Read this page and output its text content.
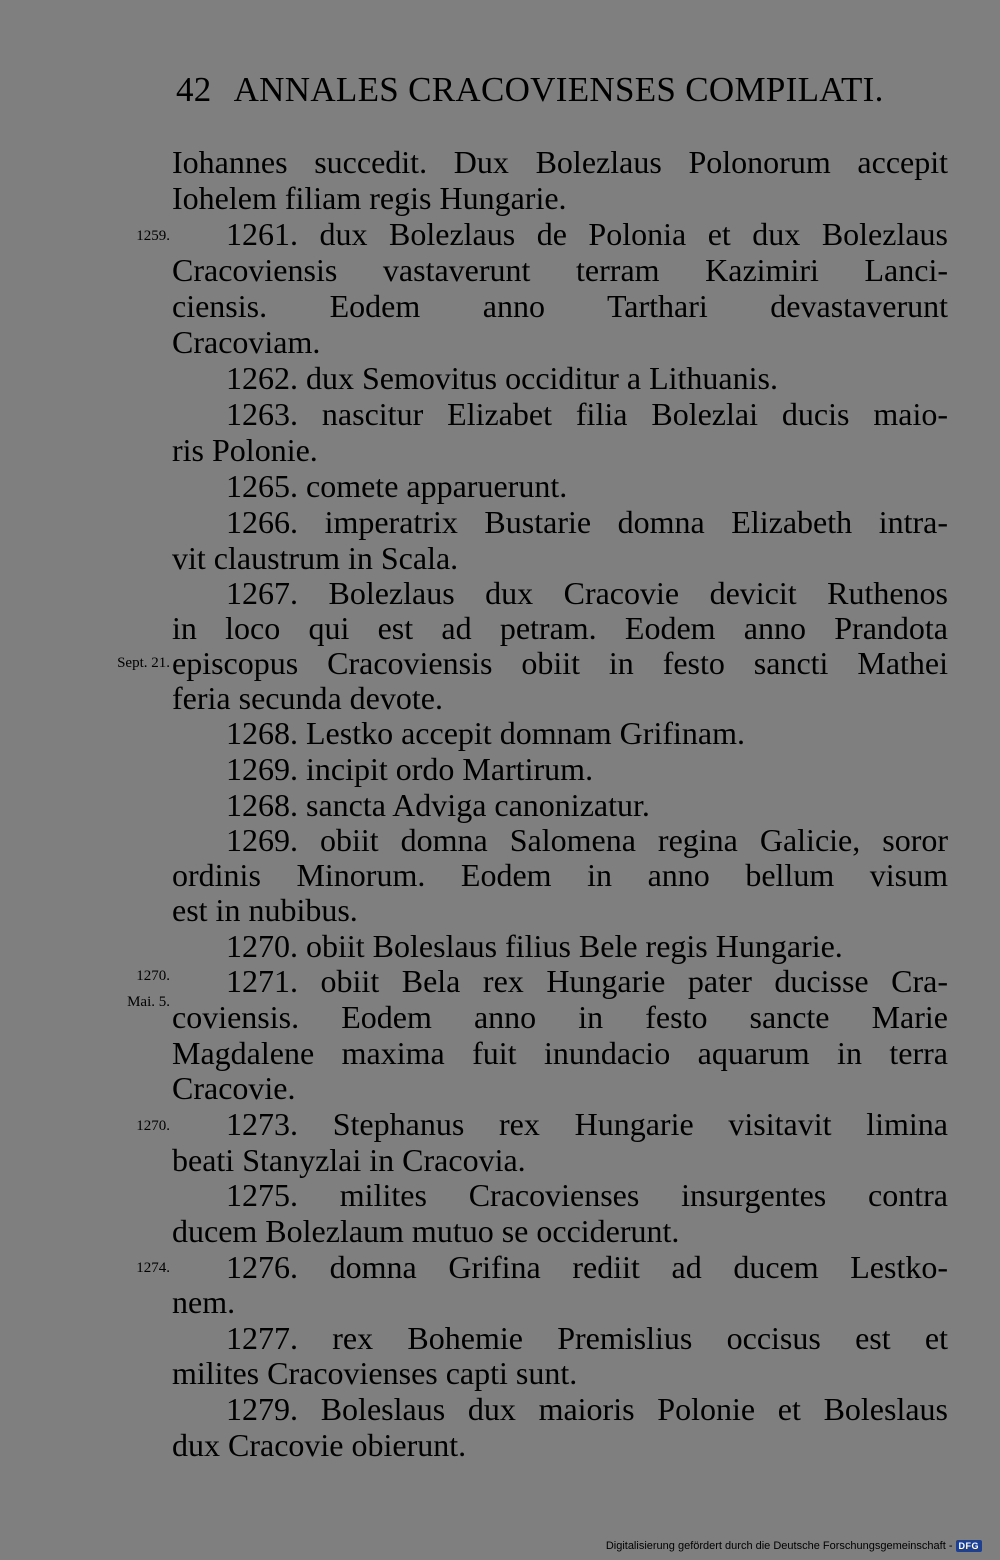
42 ANNALES CRACOVIENSES COMPILATI.
Iohannes succedit. Dux Bolezlaus Polonorum accepit
Iohelem filiam regis Hungarie.
1261. dux Bolezlaus de Polonia et dux Bolezlaus
Cracoviensis vastaverunt terram Kazimiri Lanci-
ciensis. Eodem anno Tarthari devastaverunt
Cracoviam.
1262. dux Semovitus occiditur a Lithuanis.
1263. nascitur Elizabet filia Bolezlai ducis maio-
ris Polonie.
1265. comete apparuerunt.
1266. imperatrix Bustarie domna Elizabeth intra-
vit claustrum in Scala.
1267. Bolezlaus dux Cracovie devicit Ruthenos
in loco qui est ad petram. Eodem anno Prandota
episcopus Cracoviensis obiit in festo sancti Mathei
feria secunda devote.
1268. Lestko accepit domnam Grifinam.
1269. incipit ordo Martirum.
1268. sancta Adviga canonizatur.
1269. obiit domna Salomena regina Galicie, soror
ordinis Minorum. Eodem in anno bellum visum
est in nubibus.
1270. obiit Boleslaus filius Bele regis Hungarie.
1271. obiit Bela rex Hungarie pater ducisse Cra-
coviensis. Eodem anno in festo sancte Marie
Magdalene maxima fuit inundacio aquarum in terra
Cracovie.
1273. Stephanus rex Hungarie visitavit limina
beati Stanyzlai in Cracovia.
1275. milites Cracovienses insurgentes contra
ducem Bolezlaum mutuo se occiderunt.
1276. domna Grifina rediit ad ducem Lestko-
nem.
1277. rex Bohemie Premislius occisus est et
milites Cracovienses capti sunt.
1279. Boleslaus dux maioris Polonie et Boleslaus
dux Cracovie obierunt.
1259.
Sept. 21.
1270.
Mai. 5.
1270.
1274.
Digitalisierung gefördert durch die Deutsche Forschungsgemeinschaft - DFG
